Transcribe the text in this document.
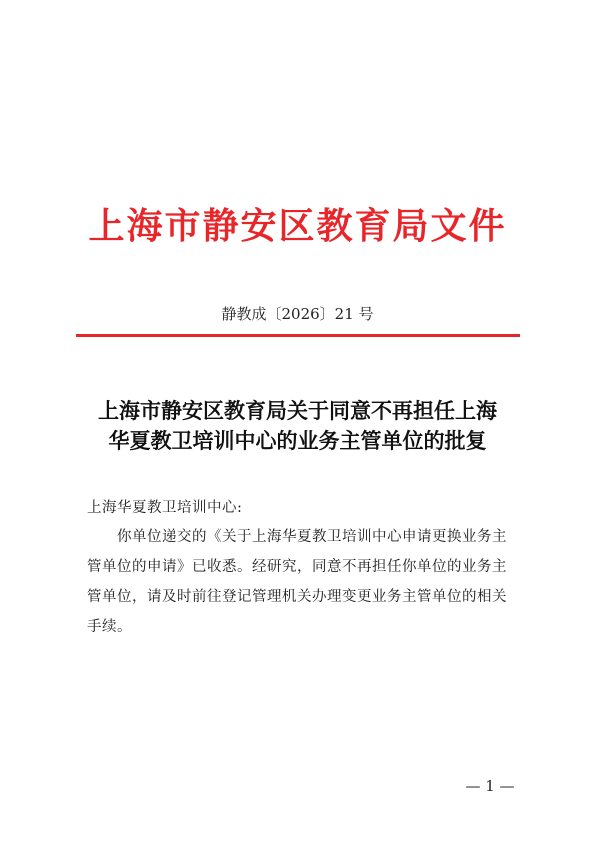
上海市静安区教育局文件
静教成〔2026〕21 号
上海市静安区教育局关于同意不再担任上海
华夏教卫培训中心的业务主管单位的批复
上海华夏教卫培训中心:
　　你单位递交的《关于上海华夏教卫培训中心申请更换业务主
管单位的申请》已收悉。经研究，同意不再担任你单位的业务主
管单位，请及时前往登记管理机关办理变更业务主管单位的相关
手续。
— 1 —
